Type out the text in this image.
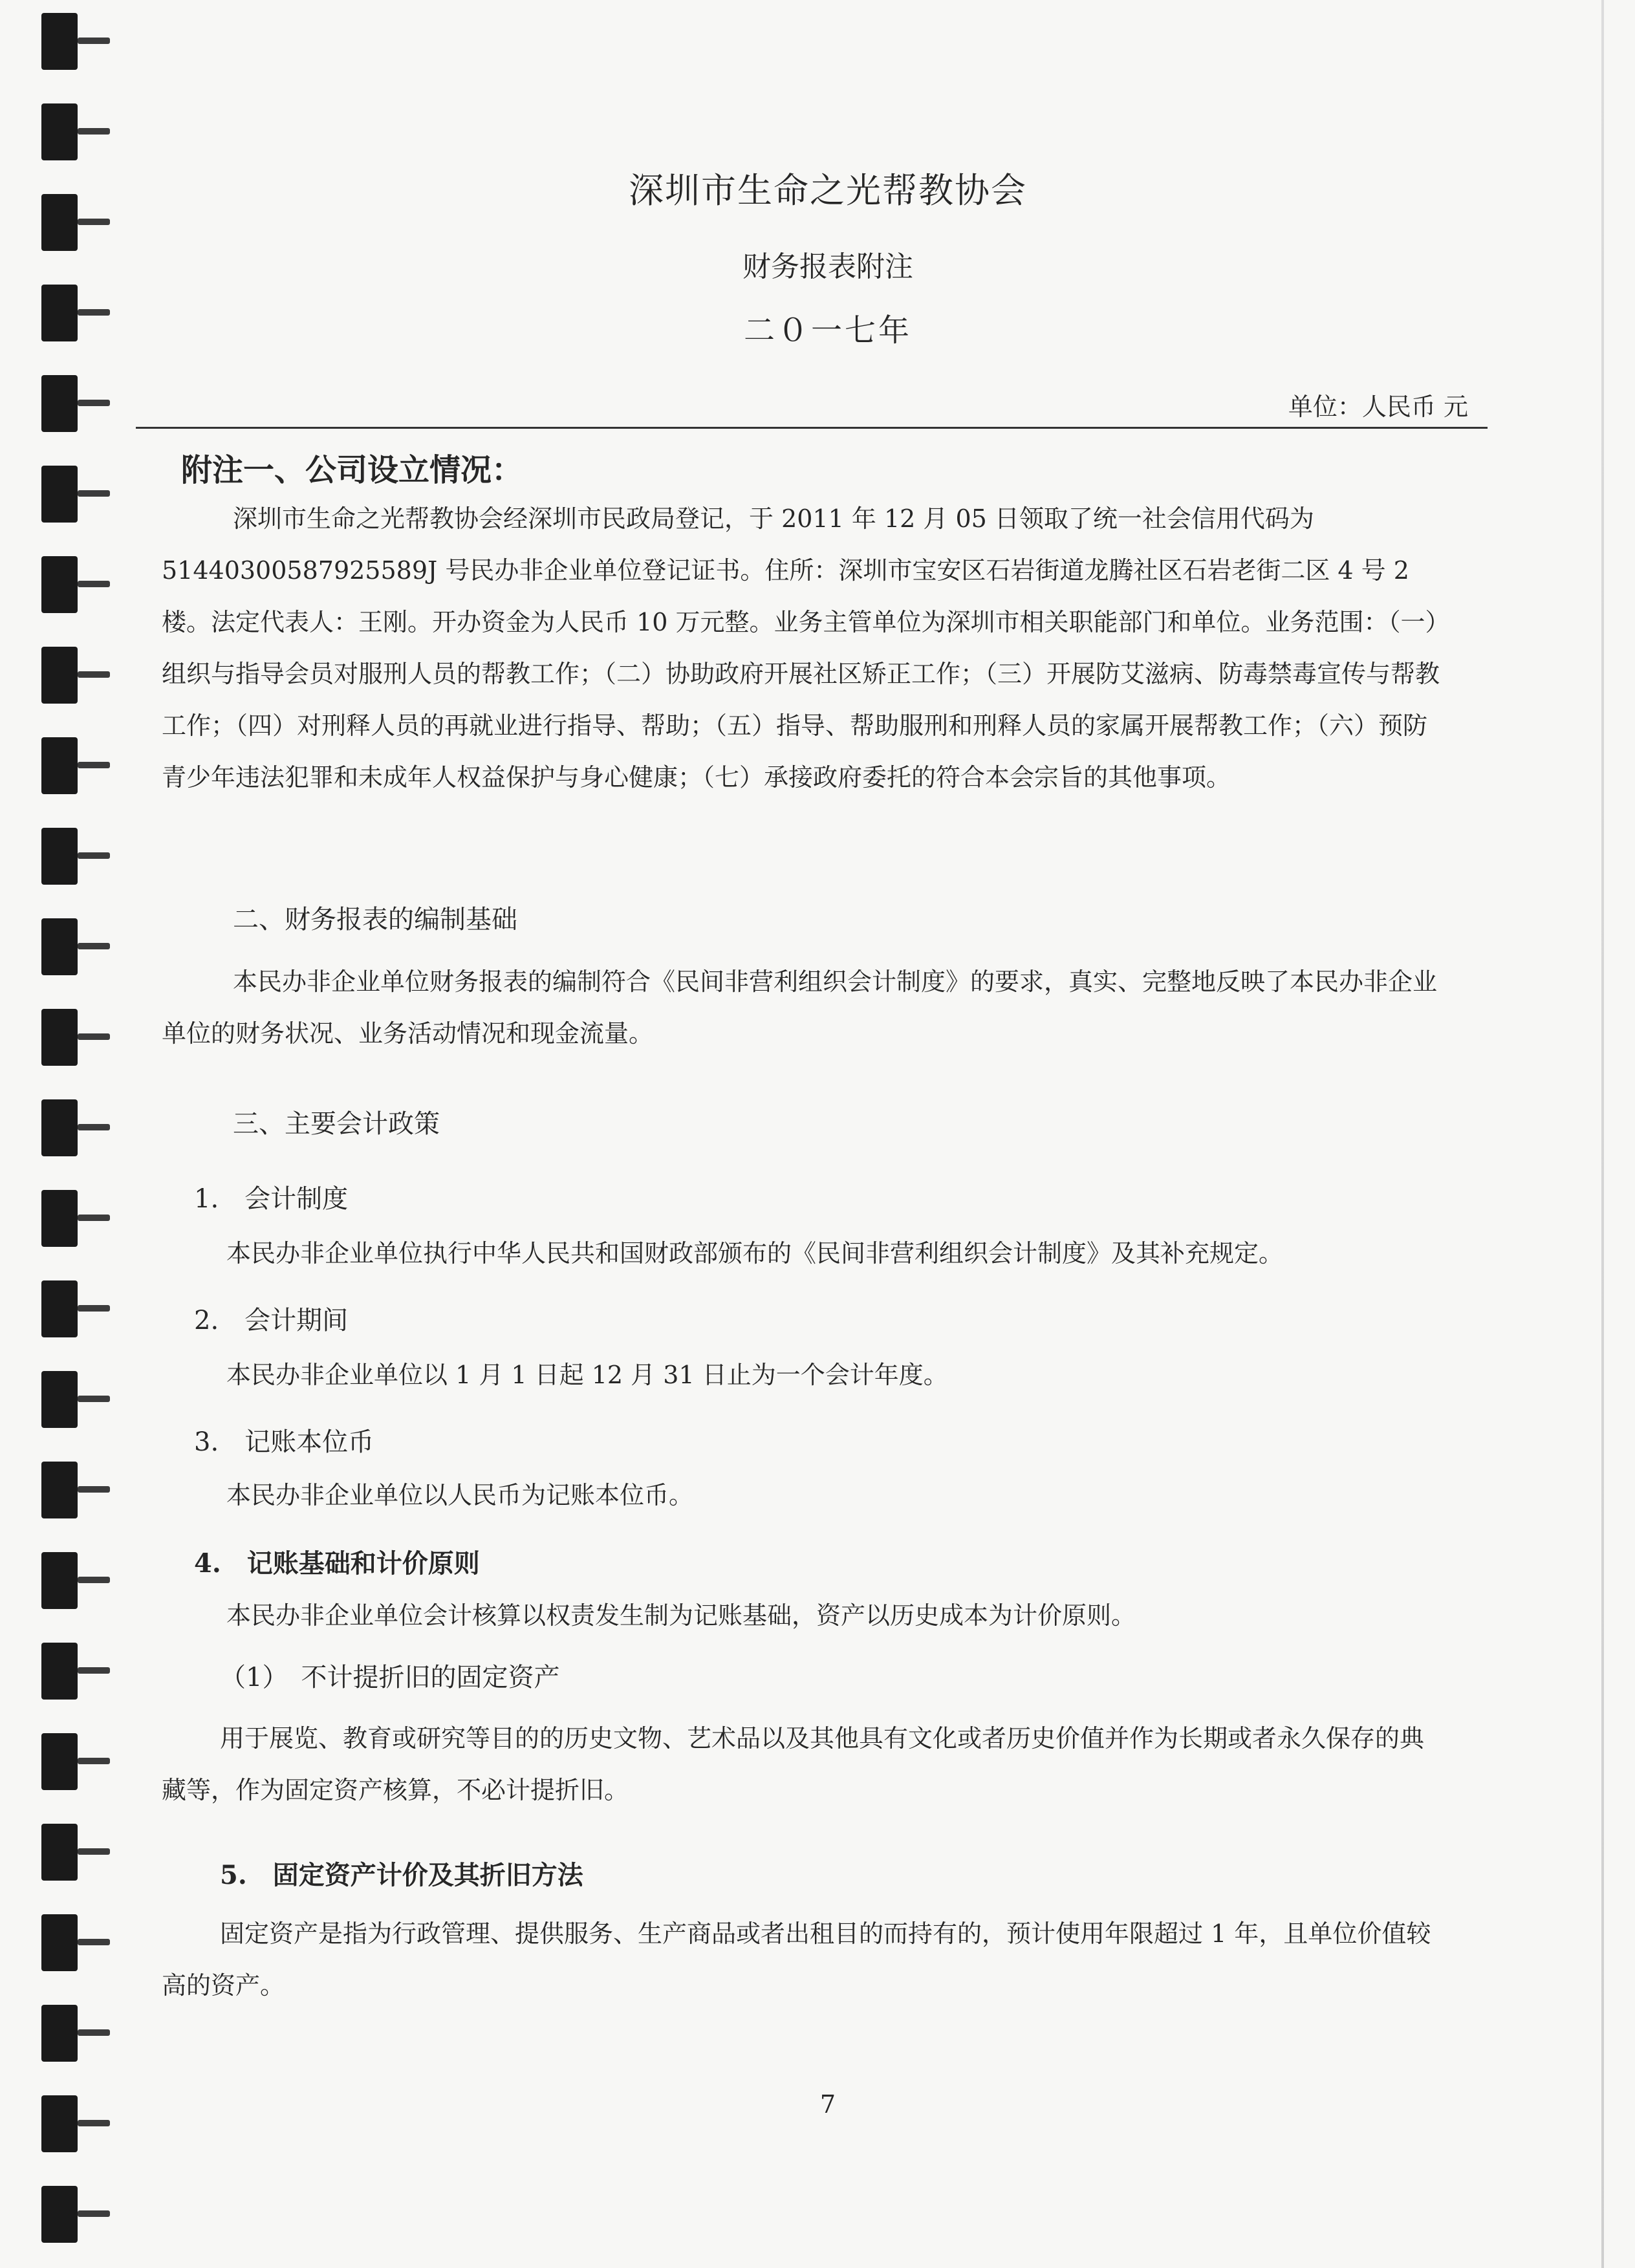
深圳市生命之光帮教协会
财务报表附注
二０一七年
单位：人民币 元
附注一、公司设立情况：
深圳市生命之光帮教协会经深圳市民政局登记，于 2011 年 12 月 05 日领取了统一社会信用代码为 51440300587925589J 号民办非企业单位登记证书。住所：深圳市宝安区石岩街道龙腾社区石岩老街二区 4 号 2 楼。法定代表人：王刚。开办资金为人民币 10 万元整。业务主管单位为深圳市相关职能部门和单位。业务范围：（一）组织与指导会员对服刑人员的帮教工作；（二）协助政府开展社区矫正工作；（三）开展防艾滋病、防毒禁毒宣传与帮教工作；（四）对刑释人员的再就业进行指导、帮助；（五）指导、帮助服刑和刑释人员的家属开展帮教工作；（六）预防青少年违法犯罪和未成年人权益保护与身心健康；（七）承接政府委托的符合本会宗旨的其他事项。
二、财务报表的编制基础
本民办非企业单位财务报表的编制符合《民间非营利组织会计制度》的要求，真实、完整地反映了本民办非企业单位的财务状况、业务活动情况和现金流量。
三、主要会计政策
1.　会计制度
本民办非企业单位执行中华人民共和国财政部颁布的《民间非营利组织会计制度》及其补充规定。
2.　会计期间
本民办非企业单位以 1 月 1 日起 12 月 31 日止为一个会计年度。
3.　记账本位币
本民办非企业单位以人民币为记账本位币。
4.　记账基础和计价原则
本民办非企业单位会计核算以权责发生制为记账基础，资产以历史成本为计价原则。
（1）　不计提折旧的固定资产
用于展览、教育或研究等目的的历史文物、艺术品以及其他具有文化或者历史价值并作为长期或者永久保存的典藏等，作为固定资产核算，不必计提折旧。
5.　固定资产计价及其折旧方法
固定资产是指为行政管理、提供服务、生产商品或者出租目的而持有的，预计使用年限超过 1 年，且单位价值较高的资产。
7
